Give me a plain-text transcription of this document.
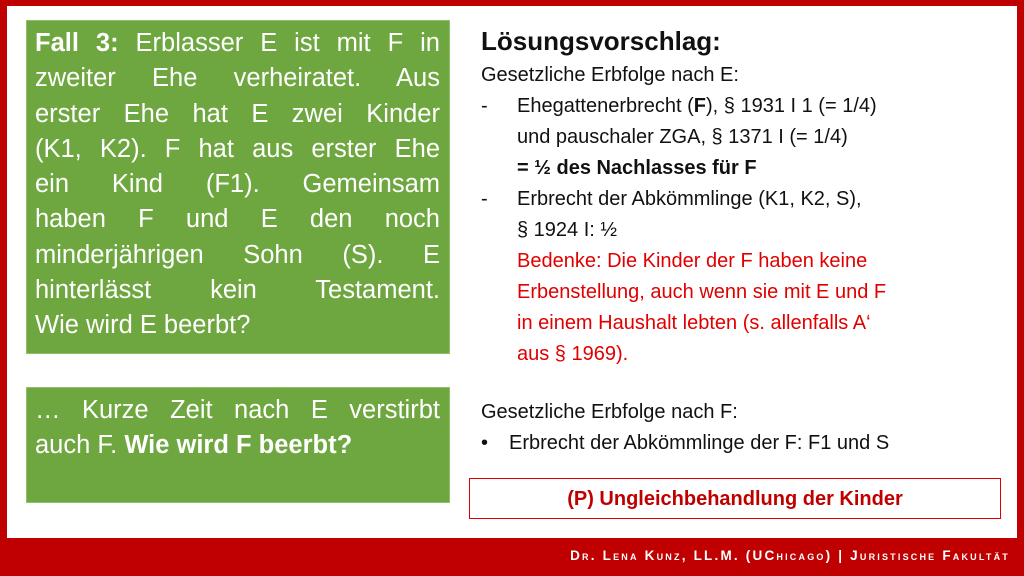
Fall 3: Erblasser E ist mit F in
zweiter Ehe verheiratet. Aus
erster Ehe hat E zwei Kinder
(K1, K2). F hat aus erster Ehe
ein Kind (F1). Gemeinsam
haben F und E den noch
minderjährigen Sohn (S). E
hinterlässt kein Testament.
Wie wird E beerbt?
… Kurze Zeit nach E verstirbt
auch F. Wie wird F beerbt?
Lösungsvorschlag:
Gesetzliche Erbfolge nach E:
- Ehegattenerbrecht (F), § 1931 I 1 (= 1/4)
und pauschaler ZGA, § 1371 I (= 1/4)
= ½ des Nachlasses für F
- Erbrecht der Abkömmlinge (K1, K2, S),
§ 1924 I: ½
Bedenke: Die Kinder der F haben keine
Erbenstellung, auch wenn sie mit E und F
in einem Haushalt lebten (s. allenfalls A‘
aus § 1969).
Gesetzliche Erbfolge nach F:
• Erbrecht der Abkömmlinge der F: F1 und S
(P) Ungleichbehandlung der Kinder
Dr. Lena Kunz, LL.M. (UChicago) | Juristische Fakultät
